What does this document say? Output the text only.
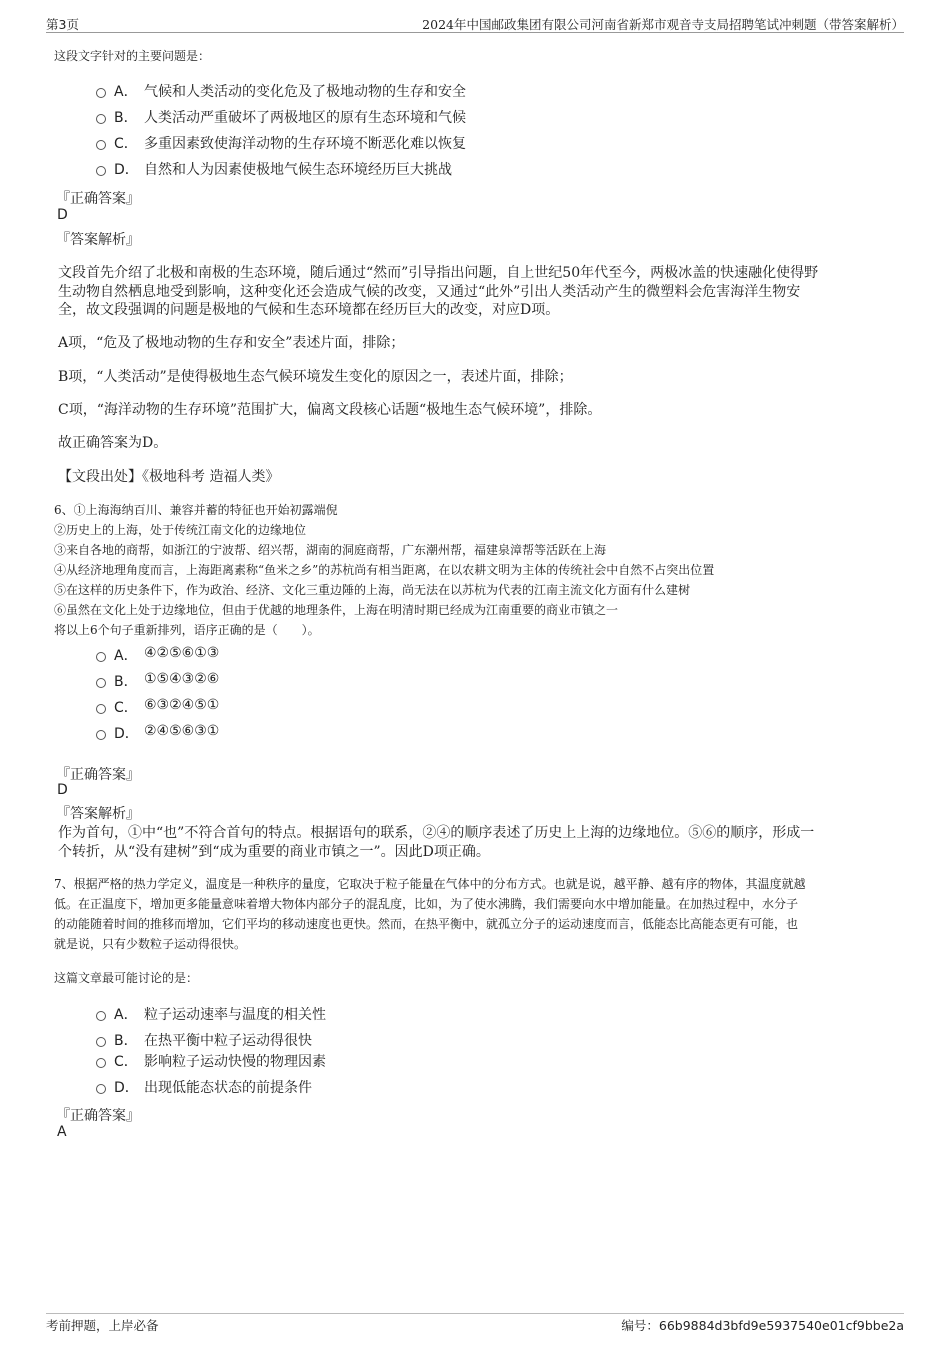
第3页	2024年中国邮政集团有限公司河南省新郑市观音寺支局招聘笔试冲刺题（带答案解析）
这段文字针对的主要问题是：
A． 气候和人类活动的变化危及了极地动物的生存和安全
B． 人类活动严重破坏了两极地区的原有生态环境和气候
C． 多重因素致使海洋动物的生存环境不断恶化难以恢复
D． 自然和人为因素使极地气候生态环境经历巨大挑战
『正确答案』
D
『答案解析』
文段首先介绍了北极和南极的生态环境，随后通过“然而”引导指出问题，自上世纪50年代至今，两极冰盖的快速融化使得野
生动物自然栖息地受到影响，这种变化还会造成气候的改变，又通过“此外”引出人类活动产生的微塑料会危害海洋生物安
全，故文段强调的问题是极地的气候和生态环境都在经历巨大的改变，对应D项。
A项，“危及了极地动物的生存和安全”表述片面，排除；
B项，“人类活动”是使得极地生态气候环境发生变化的原因之一，表述片面，排除；
C项，“海洋动物的生存环境”范围扩大，偏离文段核心话题“极地生态气候环境”，排除。
故正确答案为D。
【文段出处】《极地科考 造福人类》
6、①上海海纳百川、兼容并蓄的特征也开始初露端倪
②历史上的上海，处于传统江南文化的边缘地位
③来自各地的商帮，如浙江的宁波帮、绍兴帮，湖南的洞庭商帮，广东潮州帮，福建泉漳帮等活跃在上海
④从经济地理角度而言，上海距离素称“鱼米之乡”的苏杭尚有相当距离，在以农耕文明为主体的传统社会中自然不占突出位置
⑤在这样的历史条件下，作为政治、经济、文化三重边陲的上海，尚无法在以苏杭为代表的江南主流文化方面有什么建树
⑥虽然在文化上处于边缘地位，但由于优越的地理条件，上海在明清时期已经成为江南重要的商业市镇之一
将以上6个句子重新排列，语序正确的是（　　）。
A． ④②⑤⑥①③
B． ①⑤④③②⑥
C． ⑥③②④⑤①
D． ②④⑤⑥③①
『正确答案』
D
『答案解析』
作为首句，①中“也”不符合首句的特点。根据语句的联系，②④的顺序表述了历史上上海的边缘地位。⑤⑥的顺序，形成一
个转折，从“没有建树”到“成为重要的商业市镇之一”。因此D项正确。
7、根据严格的热力学定义，温度是一种秩序的量度，它取决于粒子能量在气体中的分布方式。也就是说，越平静、越有序的物体，其温度就越
低。在正温度下，增加更多能量意味着增大物体内部分子的混乱度，比如，为了使水沸腾，我们需要向水中增加能量。在加热过程中，水分子
的动能随着时间的推移而增加，它们平均的移动速度也更快。然而，在热平衡中，就孤立分子的运动速度而言，低能态比高能态更有可能，也
就是说，只有少数粒子运动得很快。
这篇文章最可能讨论的是：
A． 粒子运动速率与温度的相关性
B． 在热平衡中粒子运动得很快
C． 影响粒子运动快慢的物理因素
D． 出现低能态状态的前提条件
『正确答案』
A
考前押题，上岸必备	编号：66b9884d3bfd9e5937540e01cf9bbe2a
